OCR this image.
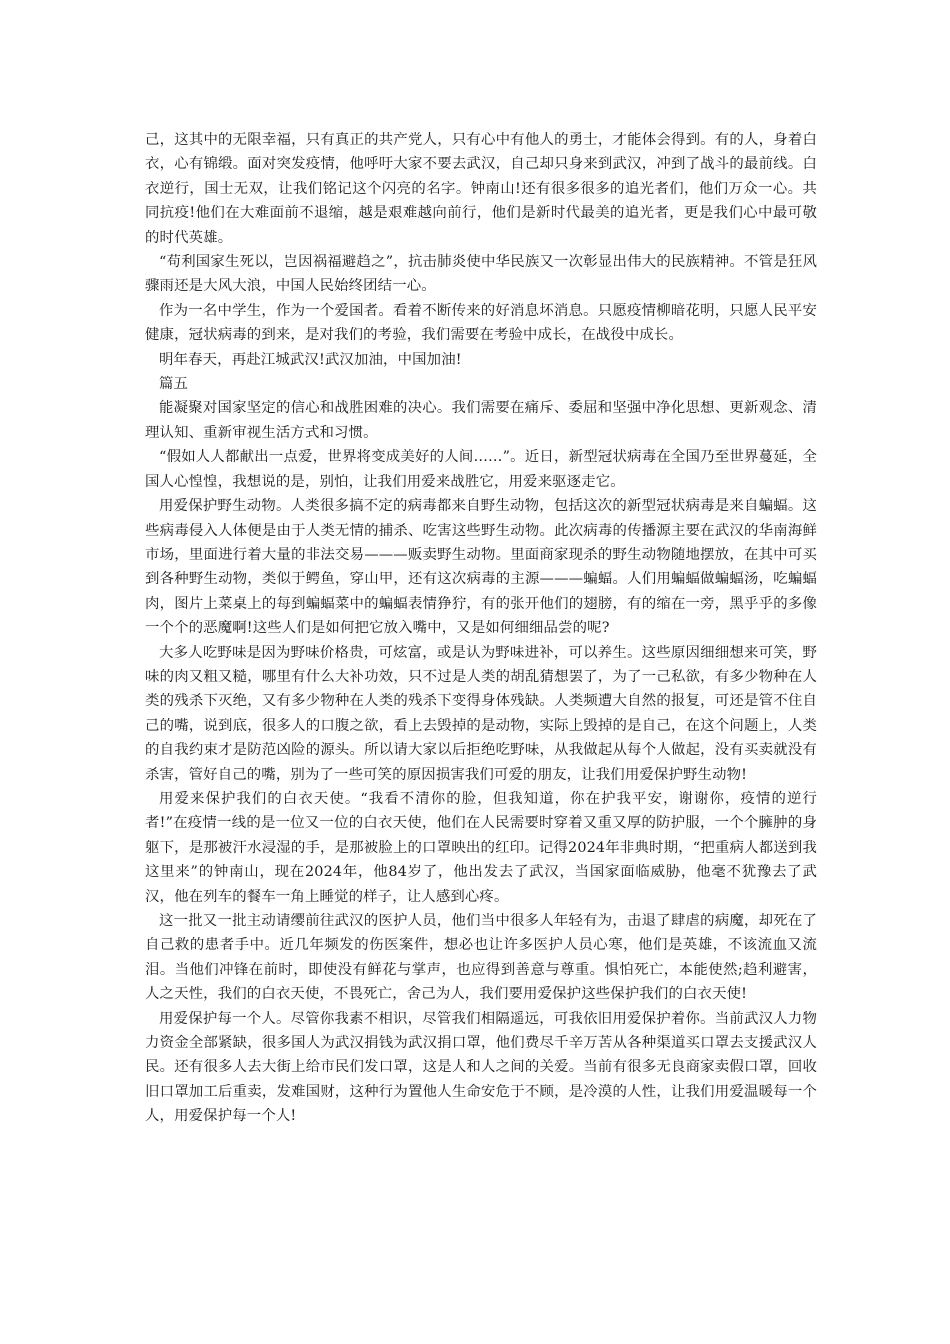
己，这其中的无限幸福，只有真正的共产党人，只有心中有他人的勇士，才能体会得到。有的人，身着白衣，心有锦缎。面对突发疫情，他呼吁大家不要去武汉，自己却只身来到武汉，冲到了战斗的最前线。白衣逆行，国士无双，让我们铭记这个闪亮的名字。钟南山!还有很多很多的追光者们，他们万众一心。共同抗疫!他们在大难面前不退缩，越是艰难越向前行，他们是新时代最美的追光者，更是我们心中最可敬的时代英雄。

“苟利国家生死以，岂因祸福避趋之”，抗击肺炎使中华民族又一次彰显出伟大的民族精神。不管是狂风骤雨还是大风大浪，中国人民始终团结一心。

作为一名中学生，作为一个爱国者。看着不断传来的好消息坏消息。只愿疫情柳暗花明，只愿人民平安健康，冠状病毒的到来，是对我们的考验，我们需要在考验中成长，在战役中成长。

明年春天，再赴江城武汉!武汉加油，中国加油!

篇五

能凝聚对国家坚定的信心和战胜困难的决心。我们需要在痛斥、委屈和坚强中净化思想、更新观念、清理认知、重新审视生活方式和习惯。

“假如人人都献出一点爱，世界将变成美好的人间……”。近日，新型冠状病毒在全国乃至世界蔓延，全国人心惶惶，我想说的是，别怕，让我们用爱来战胜它，用爱来驱逐走它。

用爱保护野生动物。人类很多搞不定的病毒都来自野生动物，包括这次的新型冠状病毒是来自蝙蝠。这些病毒侵入人体便是由于人类无情的捕杀、吃害这些野生动物。此次病毒的传播源主要在武汉的华南海鲜市场，里面进行着大量的非法交易———贩卖野生动物。里面商家现杀的野生动物随地摆放，在其中可买到各种野生动物，类似于鳄鱼，穿山甲，还有这次病毒的主源———蝙蝠。人们用蝙蝠做蝙蝠汤，吃蝙蝠肉，图片上菜桌上的每到蝙蝠菜中的蝙蝠表情狰狞，有的张开他们的翅膀，有的缩在一旁，黑乎乎的多像一个个的恶魔啊!这些人们是如何把它放入嘴中，又是如何细细品尝的呢?

大多人吃野味是因为野味价格贵，可炫富，或是认为野味进补，可以养生。这些原因细细想来可笑，野味的肉又粗又糙，哪里有什么大补功效，只不过是人类的胡乱猜想罢了，为了一己私欲，有多少物种在人类的残杀下灭绝，又有多少物种在人类的残杀下变得身体残缺。人类频遭大自然的报复，可还是管不住自己的嘴，说到底，很多人的口腹之欲，看上去毁掉的是动物，实际上毁掉的是自己，在这个问题上，人类的自我约束才是防范凶险的源头。所以请大家以后拒绝吃野味，从我做起从每个人做起，没有买卖就没有杀害，管好自己的嘴，别为了一些可笑的原因损害我们可爱的朋友，让我们用爱保护野生动物!

用爱来保护我们的白衣天使。“我看不清你的脸，但我知道，你在护我平安，谢谢你，疫情的逆行者!”在疫情一线的是一位又一位的白衣天使，他们在人民需要时穿着又重又厚的防护服，一个个臃肿的身躯下，是那被汗水浸湿的手，是那被脸上的口罩映出的红印。记得2024年非典时期，“把重病人都送到我这里来”的钟南山，现在2024年，他84岁了，他出发去了武汉，当国家面临威胁，他毫不犹豫去了武汉，他在列车的餐车一角上睡觉的样子，让人感到心疼。

这一批又一批主动请缨前往武汉的医护人员，他们当中很多人年轻有为，击退了肆虐的病魔，却死在了自己救的患者手中。近几年频发的伤医案件，想必也让许多医护人员心寒，他们是英雄，不该流血又流泪。当他们冲锋在前时，即使没有鲜花与掌声，也应得到善意与尊重。惧怕死亡，本能使然;趋利避害，人之天性，我们的白衣天使，不畏死亡，舍己为人，我们要用爱保护这些保护我们的白衣天使!

用爱保护每一个人。尽管你我素不相识，尽管我们相隔遥远，可我依旧用爱保护着你。当前武汉人力物力资金全部紧缺，很多国人为武汉捐钱为武汉捐口罩，他们费尽千辛万苦从各种渠道买口罩去支援武汉人民。还有很多人去大街上给市民们发口罩，这是人和人之间的关爱。当前有很多无良商家卖假口罩，回收旧口罩加工后重卖，发难国财，这种行为置他人生命安危于不顾，是冷漠的人性，让我们用爱温暖每一个人，用爱保护每一个人!
